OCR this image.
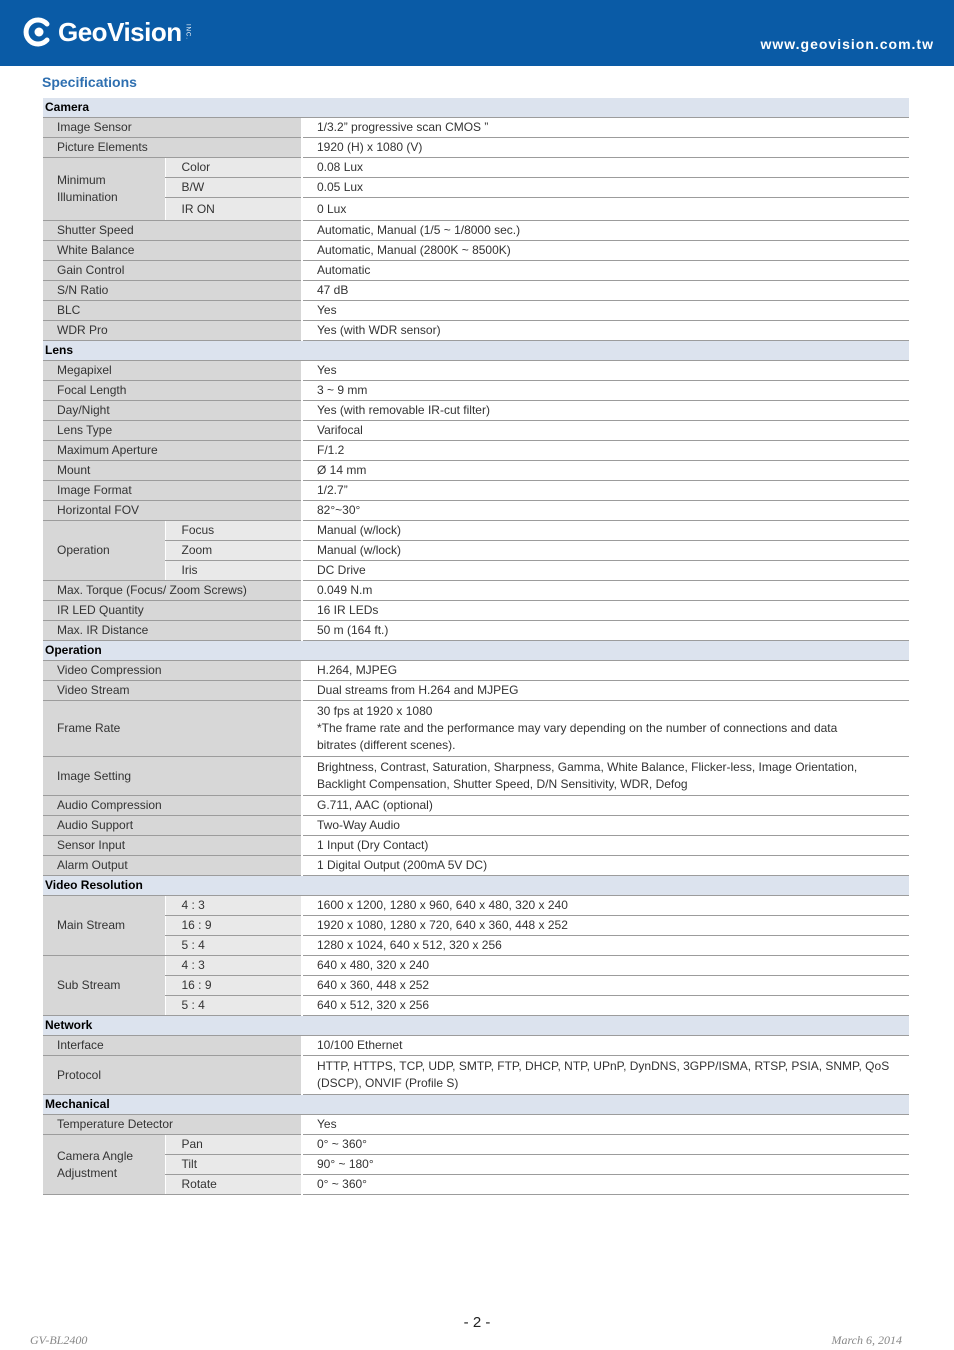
GeoVision INC.
www.geovision.com.tw
Specifications
Camera			
Image Sensor			1/3.2” progressive scan CMOS ”
Picture Elements			1920 (H) x 1080 (V)
Minimum Illumination	Color		0.08 Lux
	B/W		0.05 Lux
	IR ON		0 Lux
Shutter Speed			Automatic, Manual (1/5 ~ 1/8000 sec.)
White Balance			Automatic, Manual (2800K ~ 8500K)
Gain Control			Automatic
S/N Ratio			47 dB
BLC			Yes
WDR Pro			Yes (with WDR sensor)
Lens			
Megapixel			Yes
Focal Length			3 ~ 9 mm
Day/Night			Yes (with removable IR-cut filter)
Lens Type			Varifocal
Maximum Aperture			F/1.2
Mount			Ø 14 mm
Image Format			1/2.7”
Horizontal FOV			82°~30°
Operation	Focus		Manual (w/lock)
	Zoom		Manual (w/lock)
	Iris		DC Drive
Max. Torque (Focus/ Zoom Screws)			0.049 N.m
IR LED Quantity			16 IR LEDs
Max. IR Distance			50 m (164 ft.)
Operation			
Video Compression			H.264, MJPEG
Video Stream			Dual streams from H.264 and MJPEG
Frame Rate			30 fps at 1920 x 1080
*The frame rate and the performance may vary depending on the number of connections and data
bitrates (different scenes).

Image Setting			Brightness, Contrast, Saturation, Sharpness, Gamma, White Balance, Flicker-less, Image Orientation,
Backlight Compensation, Shutter Speed, D/N Sensitivity, WDR, Defog

Audio Compression			G.711, AAC (optional)
Audio Support			Two-Way Audio
Sensor Input			1 Input (Dry Contact)
Alarm Output			1 Digital Output (200mA 5V DC)
Video Resolution			
Main Stream	4 : 3		1600 x 1200, 1280 x 960, 640 x 480, 320 x 240
	16 : 9		1920 x 1080, 1280 x 720, 640 x 360, 448 x 252
	5 : 4		1280 x 1024, 640 x 512, 320 x 256
Sub Stream	4 : 3		640 x 480, 320 x 240
	16 : 9		640 x 360, 448 x 252
	5 : 4		640 x 512, 320 x 256
Network			
Interface			10/100 Ethernet
Protocol			HTTP, HTTPS, TCP, UDP, SMTP, FTP, DHCP, NTP, UPnP, DynDNS, 3GPP/ISMA, RTSP, PSIA, SNMP, QoS
(DSCP), ONVIF (Profile S)

Mechanical			
Temperature Detector			Yes
Camera Angle Adjustment	Pan		0° ~ 360°
	Tilt		90° ~ 180°
	Rotate		0° ~ 360°
- 2 -
GV-BL2400	March 6, 2014
